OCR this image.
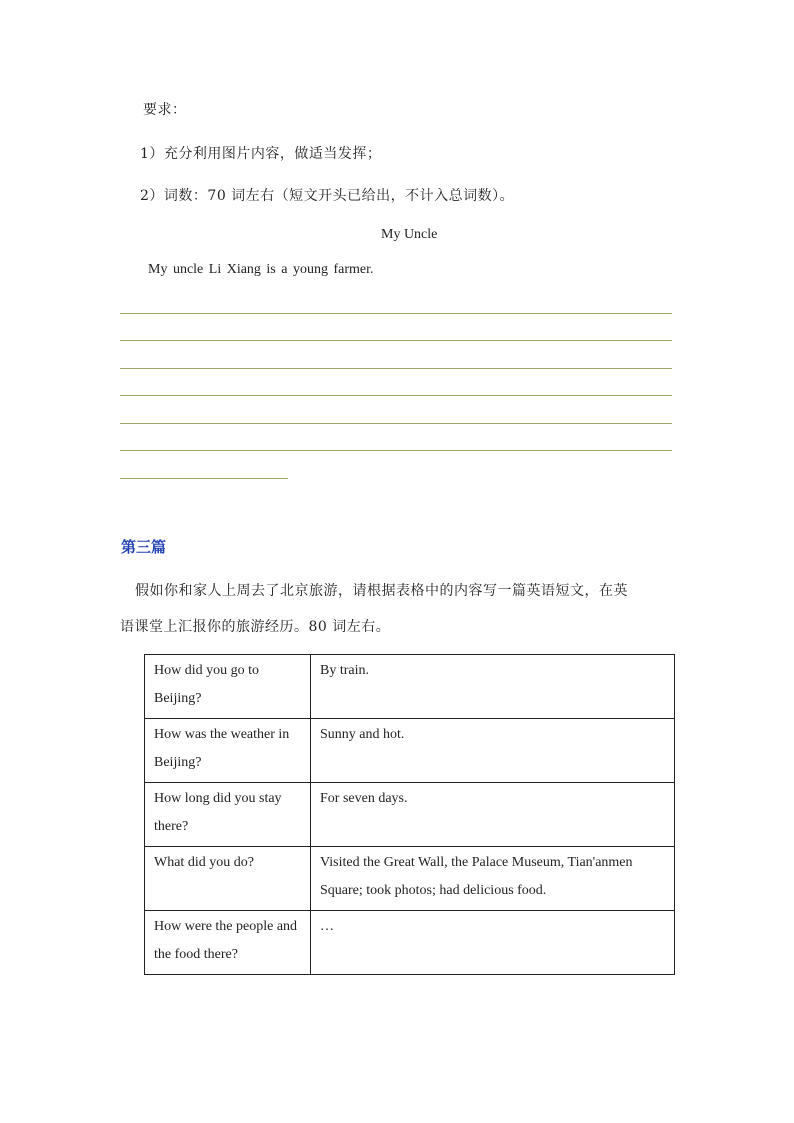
要求：
1）充分利用图片内容，做适当发挥；
2）词数：70 词左右（短文开头已给出，不计入总词数）。
My Uncle
My uncle Li Xiang is a young farmer.
第三篇
假如你和家人上周去了北京旅游，请根据表格中的内容写一篇英语短文，在英
语课堂上汇报你的旅游经历。80 词左右。
How did you go to Beijing?	By train.
How was the weather in Beijing?	Sunny and hot.
How long did you stay there?	For seven days.
What did you do?	Visited the Great Wall, the Palace Museum, Tian'anmen Square; took photos; had delicious food.
How were the people and the food there?	…
